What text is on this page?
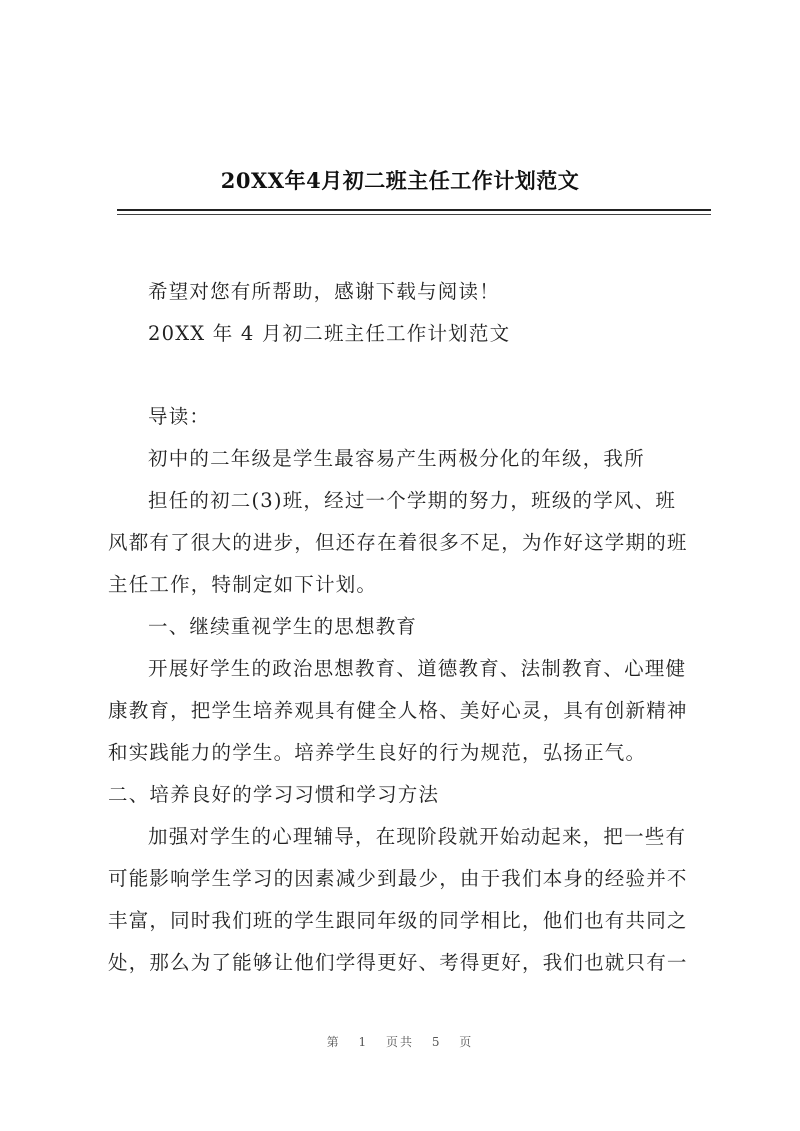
20XX年4月初二班主任工作计划范文
希望对您有所帮助，感谢下载与阅读！
20XX 年 4 月初二班主任工作计划范文
导读：
初中的二年级是学生最容易产生两极分化的年级，我所
担任的初二(3)班，经过一个学期的努力，班级的学风、班
风都有了很大的进步，但还存在着很多不足，为作好这学期的班
主任工作，特制定如下计划。
一、继续重视学生的思想教育
开展好学生的政治思想教育、道德教育、法制教育、心理健
康教育，把学生培养观具有健全人格、美好心灵，具有创新精神
和实践能力的学生。培养学生良好的行为规范，弘扬正气。
二、培养良好的学习习惯和学习方法
加强对学生的心理辅导，在现阶段就开始动起来，把一些有
可能影响学生学习的因素减少到最少，由于我们本身的经验并不
丰富，同时我们班的学生跟同年级的同学相比，他们也有共同之
处，那么为了能够让他们学得更好、考得更好，我们也就只有一
第 1 页共 5 页
